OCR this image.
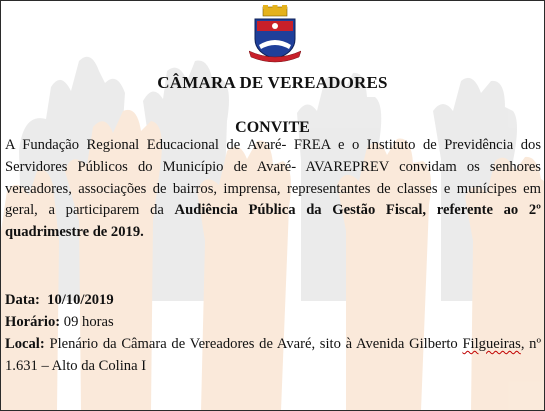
CÂMARA DE VEREADORES
CONVITE

A Fundação Regional Educacional de Avaré- FREA e o Instituto de Previdência dos Servidores Públicos do Município de Avaré- AVAREPREV convidam os senhores vereadores, associações de bairros, imprensa, representantes de classes e munícipes em geral, a participarem da Audiência Pública da Gestão Fiscal, referente ao 2º quadrimestre de 2019.

Data: 10/10/2019
Horário: 09 horas
Local: Plenário da Câmara de Vereadores de Avaré, sito à Avenida Gilberto Filgueiras, nº 1.631 – Alto da Colina I
